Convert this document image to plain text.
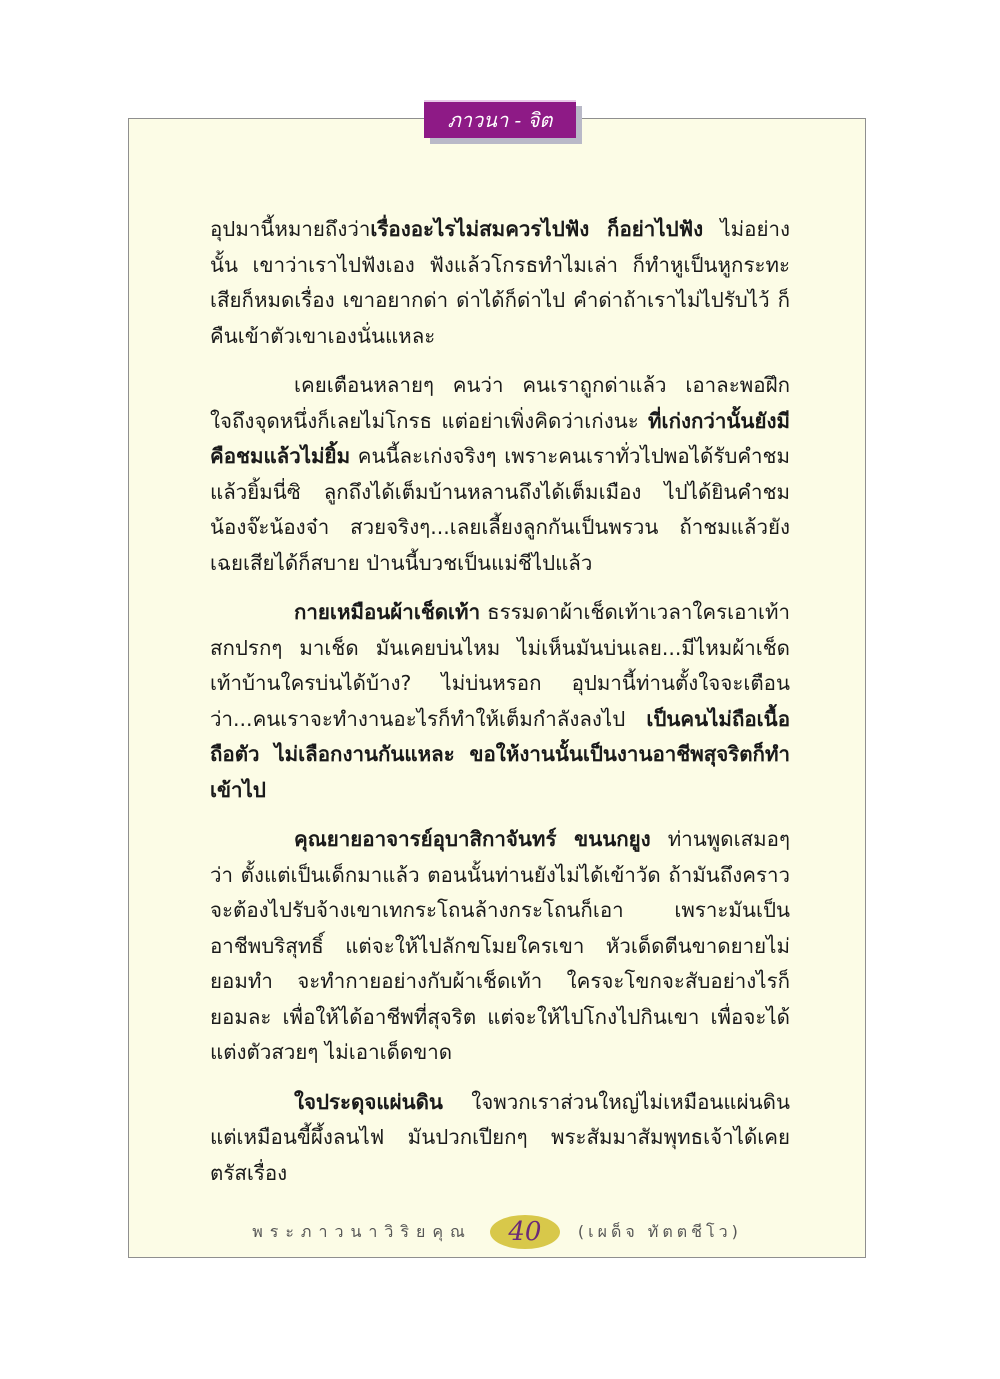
ภาวนา - จิต

อุปมานี้หมายถึงว่าเรื่องอะไรไม่สมควรไปฟัง ก็อย่าไปฟัง ไม่อย่างนั้น เขาว่าเราไปฟังเอง ฟังแล้วโกรธทำไมเล่า ก็ทำหูเป็นหูกระทะเสียก็หมดเรื่อง เขาอยากด่า ด่าได้ก็ด่าไป คำด่าถ้าเราไม่ไปรับไว้ ก็คืนเข้าตัวเขาเองนั่นแหละ

เคยเตือนหลายๆ คนว่า คนเราถูกด่าแล้ว เอาละพอฝึกใจถึงจุดหนึ่งก็เลยไม่โกรธ แต่อย่าเพิ่งคิดว่าเก่งนะ ที่เก่งกว่านั้นยังมีคือชมแล้วไม่ยิ้ม คนนี้ละเก่งจริงๆ เพราะคนเราทั่วไปพอได้รับคำชมแล้วยิ้มนี่ซิ ลูกถึงได้เต็มบ้านหลานถึงได้เต็มเมือง ไปได้ยินคำชมน้องจ๊ะน้องจ๋า สวยจริงๆ...เลยเลี้ยงลูกกันเป็นพรวน ถ้าชมแล้วยังเฉยเสียได้ก็สบาย ป่านนี้บวชเป็นแม่ชีไปแล้ว

กายเหมือนผ้าเช็ดเท้า ธรรมดาผ้าเช็ดเท้าเวลาใครเอาเท้าสกปรกๆ มาเช็ด มันเคยบ่นไหม ไม่เห็นมันบ่นเลย...มีไหมผ้าเช็ดเท้าบ้านใครบ่นได้บ้าง? ไม่บ่นหรอก อุปมานี้ท่านตั้งใจจะเตือนว่า...คนเราจะทำงานอะไรก็ทำให้เต็มกำลังลงไป เป็นคนไม่ถือเนื้อถือตัว ไม่เลือกงานกันแหละ ขอให้งานนั้นเป็นงานอาชีพสุจริตก็ทำเข้าไป

คุณยายอาจารย์อุบาสิกาจันทร์ ขนนกยูง ท่านพูดเสมอๆ ว่า ตั้งแต่เป็นเด็กมาแล้ว ตอนนั้นท่านยังไม่ได้เข้าวัด ถ้ามันถึงคราวจะต้องไปรับจ้างเขาเทกระโถนล้างกระโถนก็เอา เพราะมันเป็นอาชีพบริสุทธิ์ แต่จะให้ไปลักขโมยใครเขา หัวเด็ดตีนขาดยายไม่ยอมทำ จะทำกายอย่างกับผ้าเช็ดเท้า ใครจะโขกจะสับอย่างไรก็ยอมละ เพื่อให้ได้อาชีพที่สุจริต แต่จะให้ไปโกงไปกินเขา เพื่อจะได้แต่งตัวสวยๆ ไม่เอาเด็ดขาด

ใจประดุจแผ่นดิน ใจพวกเราส่วนใหญ่ไม่เหมือนแผ่นดิน แต่เหมือนขี้ผึ้งลนไฟ มันปวกเปียกๆ พระสัมมาสัมพุทธเจ้าได้เคยตรัสเรื่อง

พระภาวนาวิริยคุณ	40	(เผด็จ ทัตตชีโว)
